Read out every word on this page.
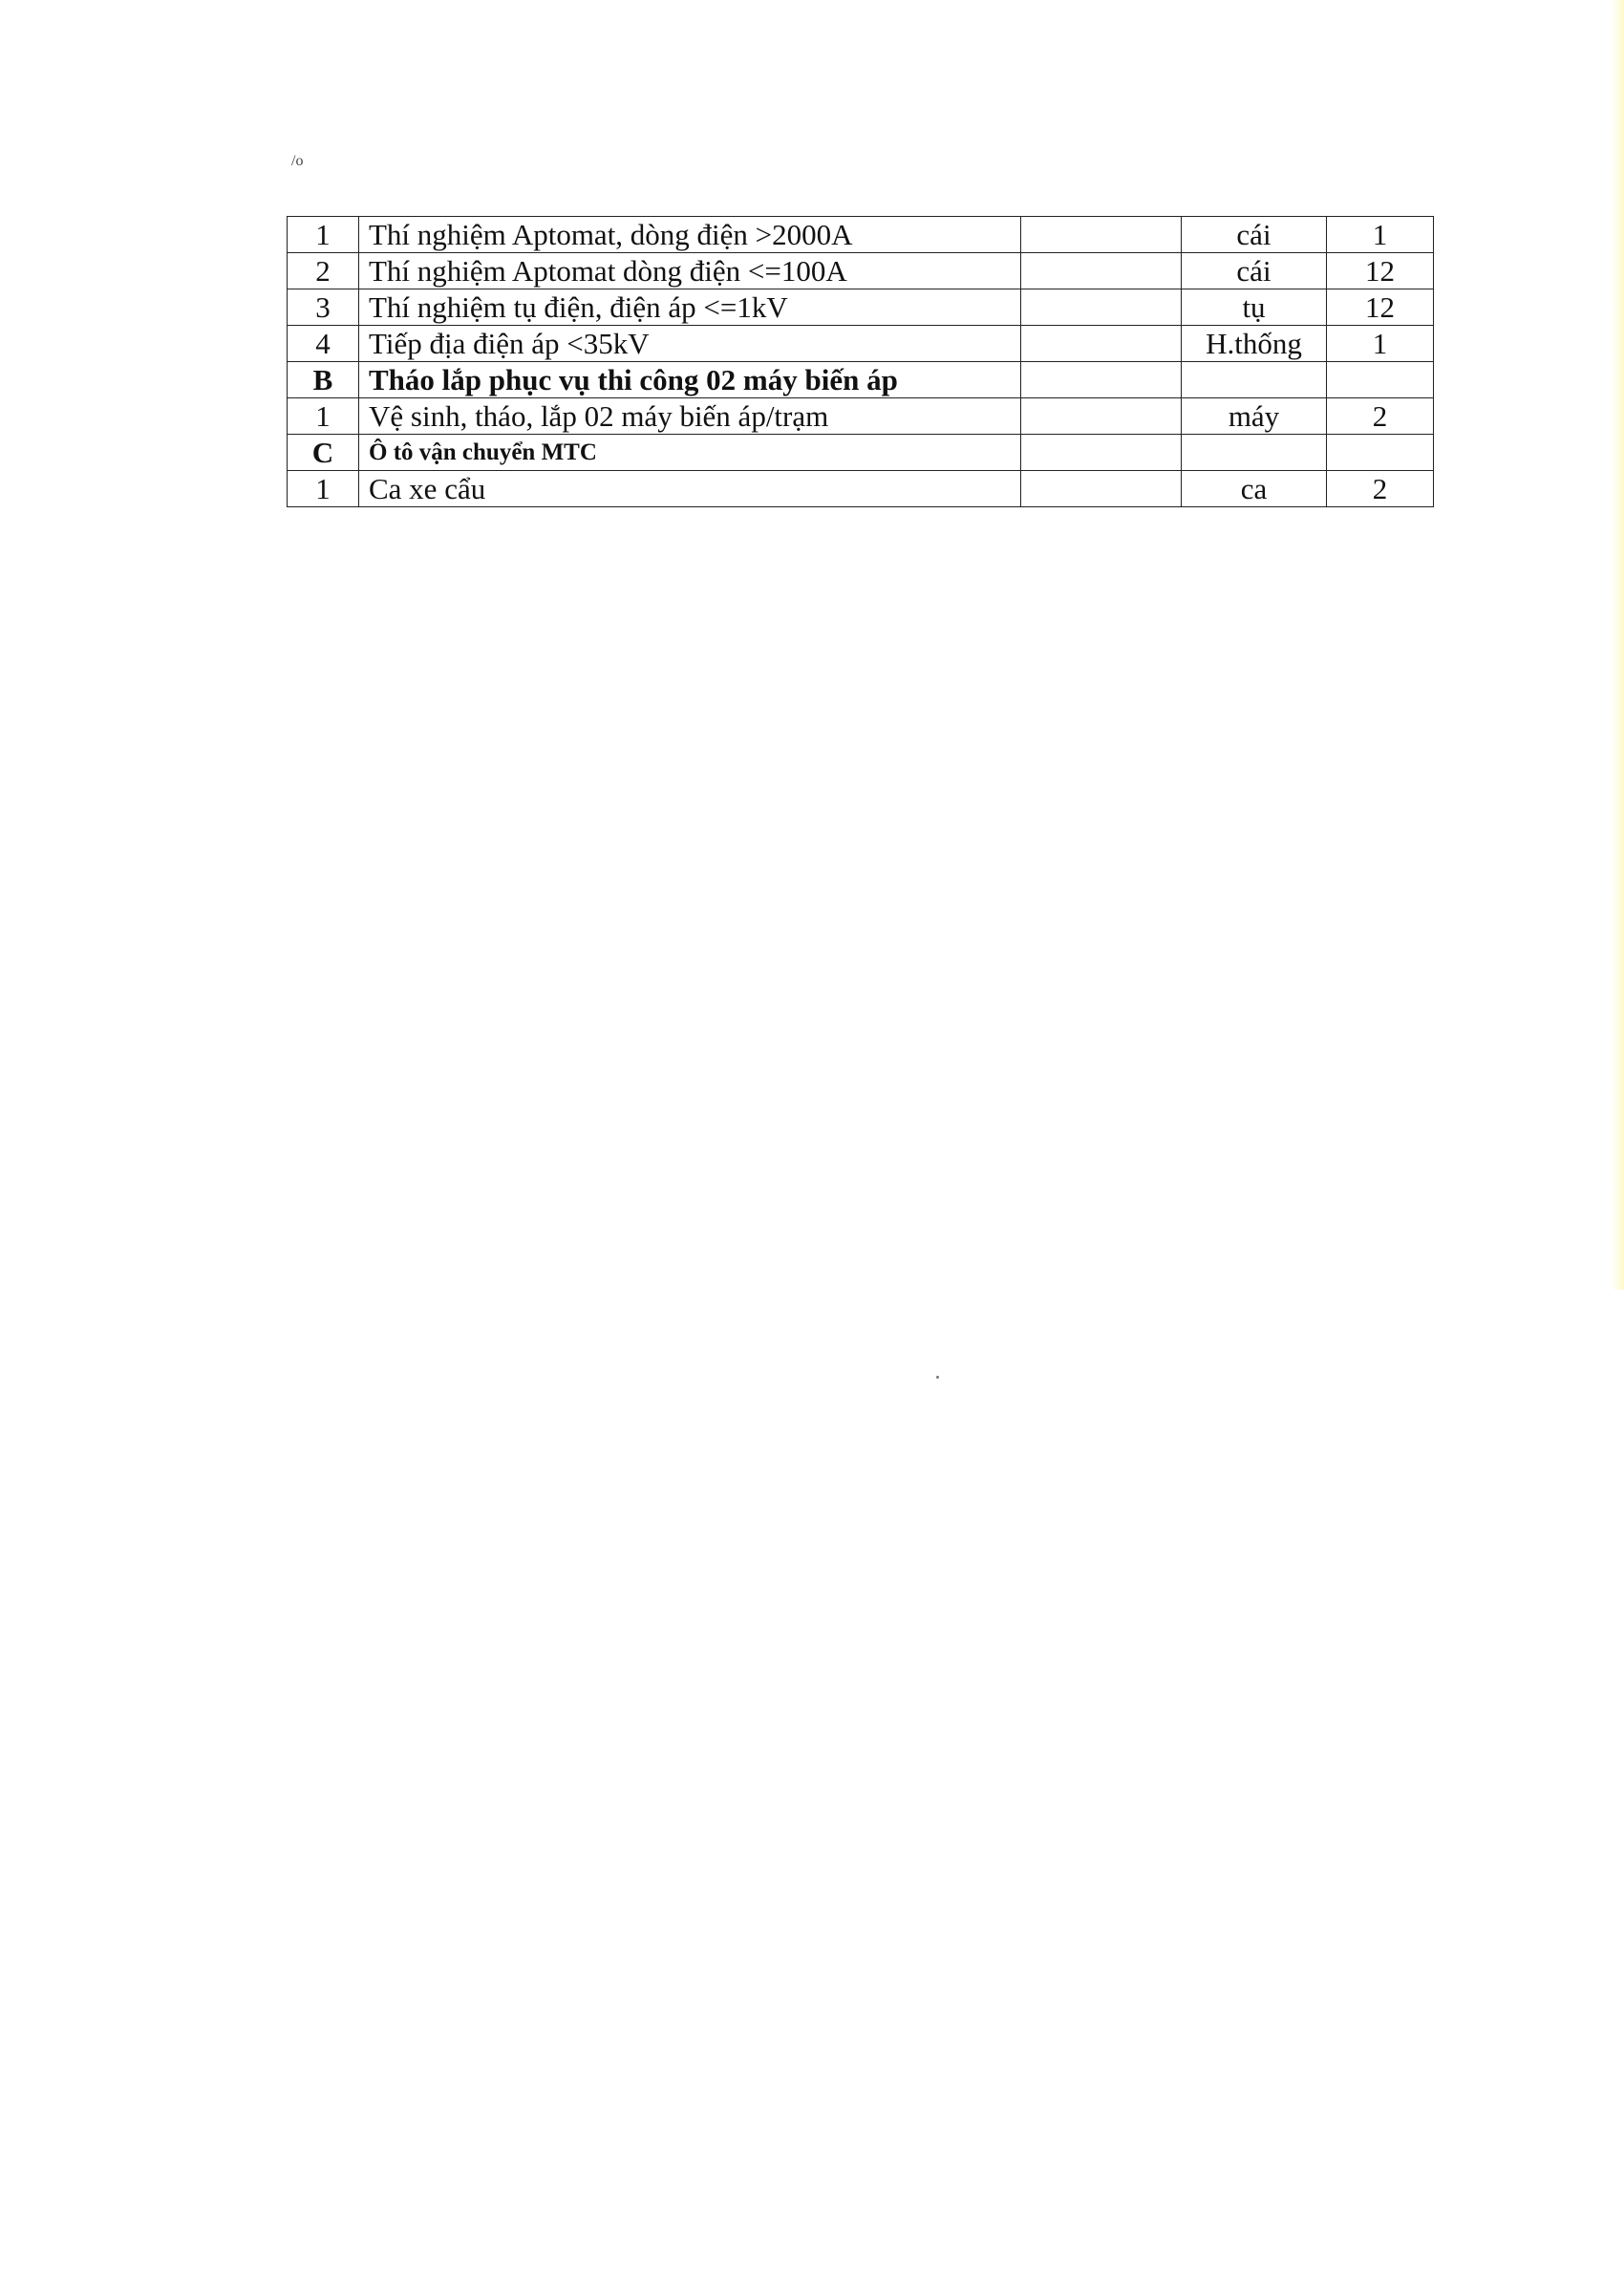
/o
1	Thí nghiệm Aptomat, dòng điện >2000A		cái	1
2	Thí nghiệm Aptomat dòng điện <=100A		cái	12
3	Thí nghiệm tụ điện, điện áp <=1kV		tụ	12
4	Tiếp địa điện áp <35kV		H.thống	1
B	Tháo lắp phục vụ thi công 02 máy biến áp			
1	Vệ sinh, tháo, lắp 02 máy biến áp/trạm		máy	2
C	Ô tô vận chuyển MTC			
1	Ca xe cẩu		ca	2
